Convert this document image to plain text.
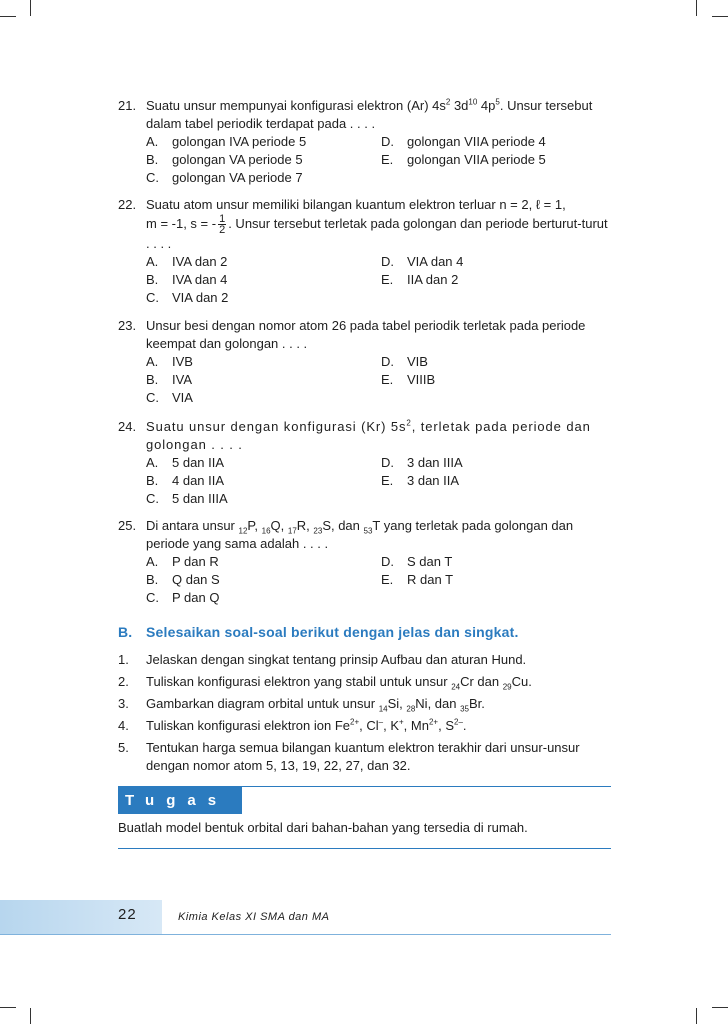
21. Suatu unsur mempunyai konfigurasi elektron (Ar) $4s^2$ $3d^{10}$ $4p^5$. Unsur tersebut dalam tabel periodik terdapat pada . . . .
A. golongan IVA periode 5	D. golongan VIIA periode 4
B. golongan VA periode 5	E. golongan VIIA periode 5
C. golongan VA periode 7
22. Suatu atom unsur memiliki bilangan kuantum elektron terluar n = 2, ℓ = 1,
m = -1, s = - $\frac{1}{2}$ . Unsur tersebut terletak pada golongan dan periode berturut-turut . . . .
A. IVA dan 2	D. VIA dan 4
B. IVA dan 4	E. IIA dan 2
C. VIA dan 2
23. Unsur besi dengan nomor atom 26 pada tabel periodik terletak pada periode keempat dan golongan . . . .
A. IVB	D. VIB
B. IVA	E. VIIIB
C. VIA
24. Suatu unsur dengan konfigurasi (Kr) $5s^2$, terletak pada periode dan golongan . . . .
A. 5 dan IIA	D. 3 dan IIIA
B. 4 dan IIA	E. 3 dan IIA
C. 5 dan IIIA
25. Di antara unsur $_{12}$P, $_{16}$Q, $_{17}$R, $_{23}$S, dan $_{53}$T yang terletak pada golongan dan periode yang sama adalah . . . .
A. P dan R	D. S dan T
B. Q dan S	E. R dan T
C. P dan Q
B. Selesaikan soal-soal berikut dengan jelas dan singkat.
1. Jelaskan dengan singkat tentang prinsip Aufbau dan aturan Hund.
2. Tuliskan konfigurasi elektron yang stabil untuk unsur $_{24}$Cr dan $_{29}$Cu.
3. Gambarkan diagram orbital untuk unsur $_{14}$Si, $_{28}$Ni, dan $_{35}$Br.
4. Tuliskan konfigurasi elektron ion $Fe^{2+}$, Cl–, K+, $Mn^{2+}$, $S^{2-}$.
5. Tentukan harga semua bilangan kuantum elektron terakhir dari unsur-unsur dengan nomor atom 5, 13, 19, 22, 27, dan 32.
Tugas
Buatlah model bentuk orbital dari bahan-bahan yang tersedia di rumah.
22	Kimia Kelas XI SMA dan MA
